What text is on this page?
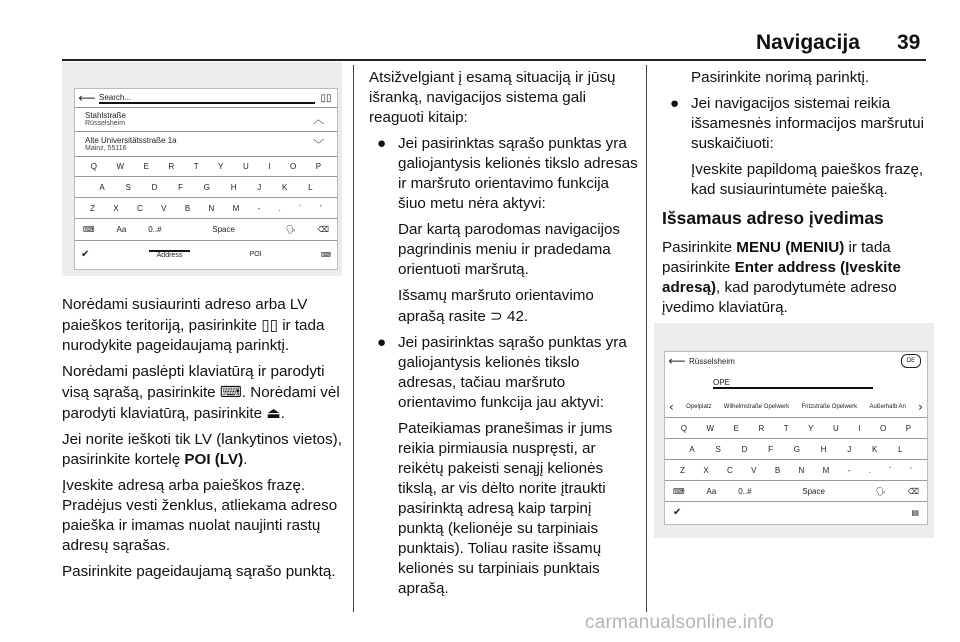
Navigacija 39
⟵ Search...	▯▯
Stahlstraße
Rüsselsheim	︿
Alte Universitätsstraße 1a
Mainz, 55116	﹀
Q W E R T Y U I O P
A	S	D	F	G	H	J	K	L
Z X C V B N M - . ´ '
⌨	Aa	0..#	Space	🗣	⌫
✔	Address	POI	⌨

Norėdami susiaurinti adreso arba LV paieškos teritoriją, pasirinkite ▯▯ ir tada nurodykite pageidaujamą parinktį.

Norėdami paslėpti klaviatūrą ir parodyti visą sąrašą, pasirinkite ⌨. Norėdami vėl parodyti klaviatūrą, pasirinkite ⏏.

Jei norite ieškoti tik LV (lankytinos vietos), pasirinkite kortelę POI (LV).

Įveskite adresą arba paieškos frazę. Pradėjus vesti ženklus, atliekama adreso paieška ir imamas nuolat naujinti rastų adresų sąrašas.

Pasirinkite pageidaujamą sąrašo punktą.

Atsižvelgiant į esamą situaciją ir jūsų išranką, navigacijos sistema gali reaguoti kitaip:

● Jei pasirinktas sąrašo punktas yra galiojantysis kelionės tikslo adresas ir maršruto orientavimo funkcija šiuo metu nėra aktyvi:

Dar kartą parodomas navigacijos pagrindinis meniu ir pradedama orientuoti maršrutą.

Išsamų maršruto orientavimo aprašą rasite ⊃ 42.

● Jei pasirinktas sąrašo punktas yra galiojantysis kelionės tikslo adresas, tačiau maršruto orientavimo funkcija jau aktyvi:

Pateikiamas pranešimas ir jums reikia pirmiausia nuspręsti, ar reikėtų pakeisti senąjį kelionės tikslą, ar vis dėlto norite įtraukti pasirinktą adresą kaip tarpinį punktą (kelionėje su tarpiniais punktais). Toliau rasite išsamų kelionės su tarpiniais punktais aprašą.

Pasirinkite norimą parinktį.

● Jei navigacijos sistemai reikia išsamesnės informacijos maršrutui suskaičiuoti:

Įveskite papildomą paieškos frazę, kad susiaurintumėte paiešką.

Išsamaus adreso įvedimas

Pasirinkite MENU (MENIU) ir tada pasirinkite Enter address (Įveskite adresą), kad parodytumėte adreso įvedimo klaviatūrą.

⟵ Rüsselsheim	DE
OPE
‹ Opelplatz Wilhelmstraße Opelwerk Fritzstraße Opelwerk Außerhalb An ›
Q W E R T Y U I O P
A	S	D	F	G	H	J	K	L
Z X C V B N M - . ´ '
⌨	Aa	0..#	Space	🗣	⌫
✔	▤
carmanualsonline.info
